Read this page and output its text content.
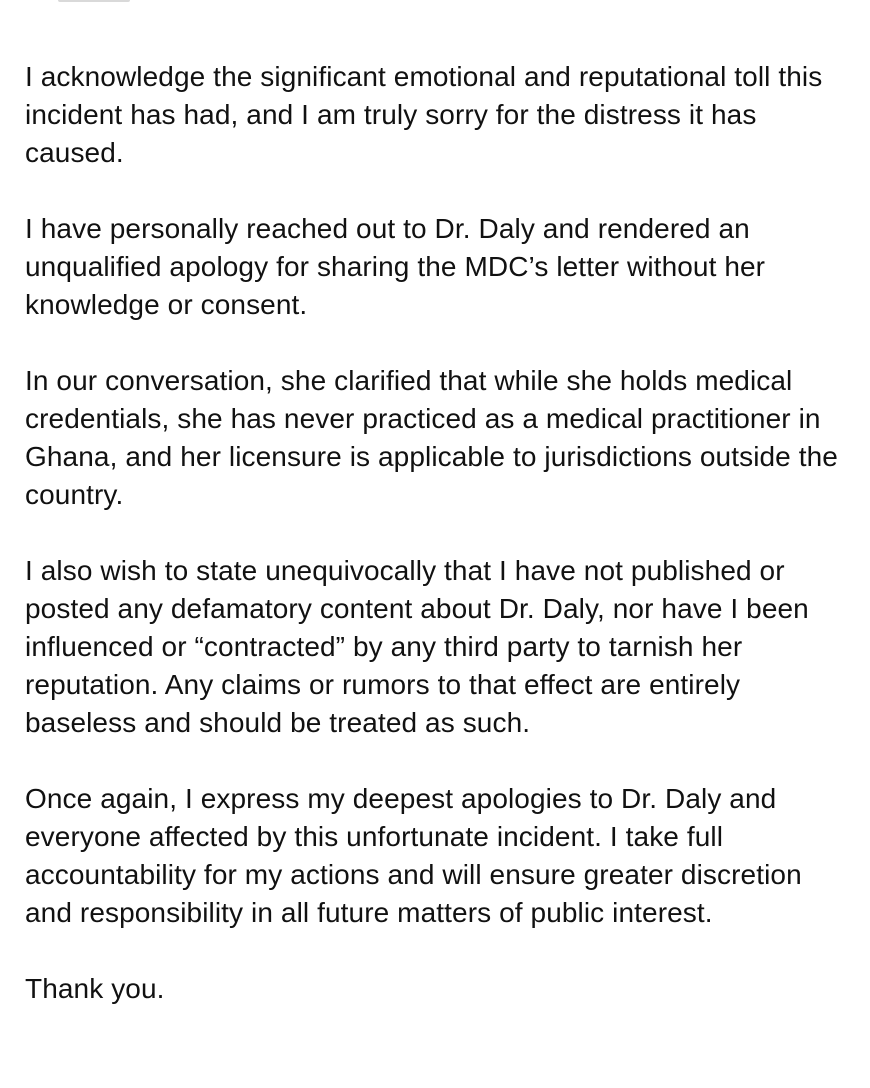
I acknowledge the significant emotional and reputational toll this incident has had, and I am truly sorry for the distress it has caused.

I have personally reached out to Dr. Daly and rendered an unqualified apology for sharing the MDC’s letter without her knowledge or consent.

In our conversation, she clarified that while she holds medical credentials, she has never practiced as a medical practitioner in Ghana, and her licensure is applicable to jurisdictions outside the country.

I also wish to state unequivocally that I have not published or posted any defamatory content about Dr. Daly, nor have I been influenced or “contracted” by any third party to tarnish her reputation. Any claims or rumors to that effect are entirely baseless and should be treated as such.

Once again, I express my deepest apologies to Dr. Daly and everyone affected by this unfortunate incident. I take full accountability for my actions and will ensure greater discretion and responsibility in all future matters of public interest.

Thank you.
